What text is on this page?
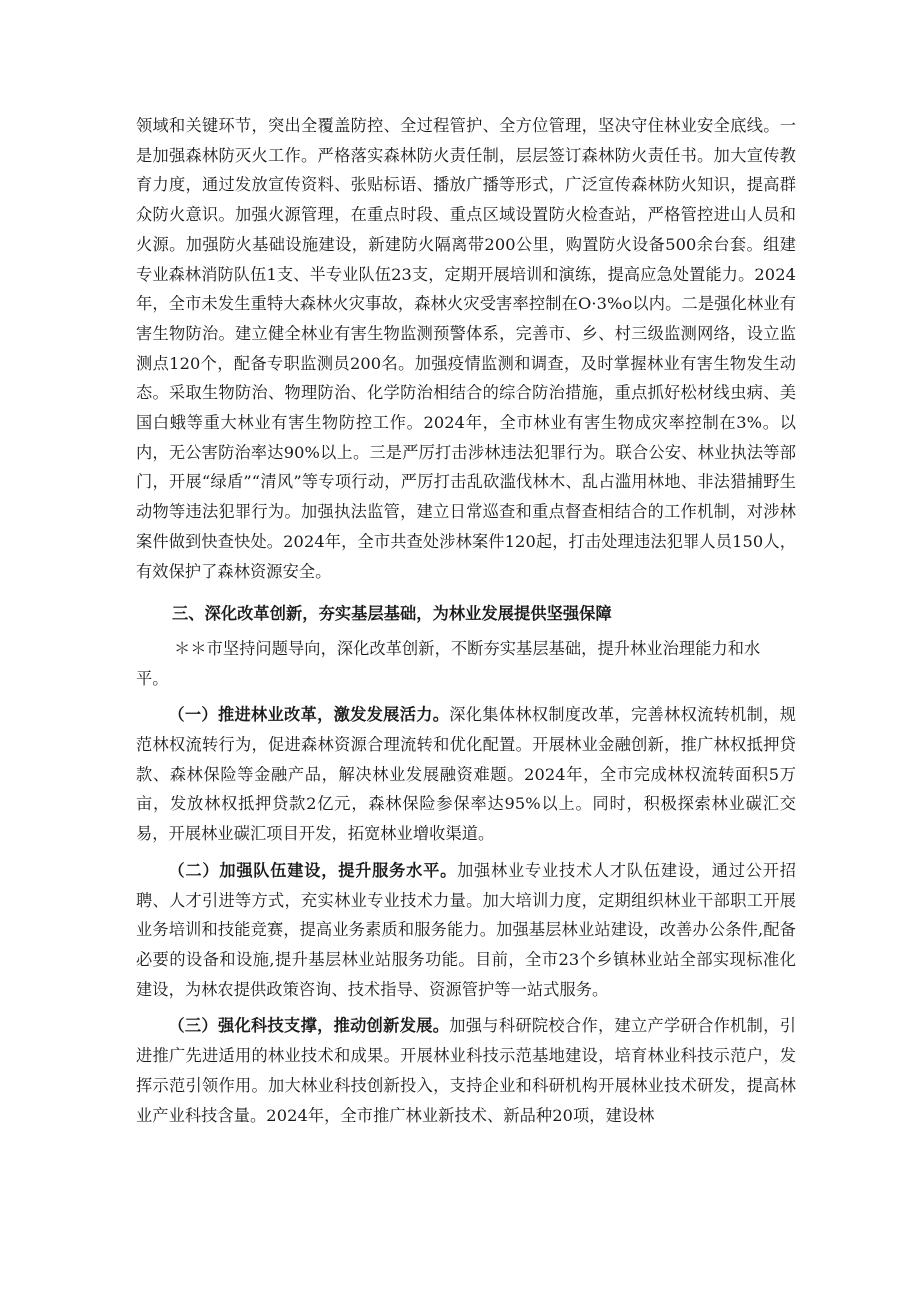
领域和关键环节，突出全覆盖防控、全过程管护、全方位管理，坚决守住林业安全底线。一是加强森林防灭火工作。严格落实森林防火责任制，层层签订森林防火责任书。加大宣传教育力度，通过发放宣传资料、张贴标语、播放广播等形式，广泛宣传森林防火知识，提高群众防火意识。加强火源管理，在重点时段、重点区域设置防火检查站，严格管控进山人员和火源。加强防火基础设施建设，新建防火隔离带200公里，购置防火设备500余台套。组建专业森林消防队伍1支、半专业队伍23支，定期开展培训和演练，提高应急处置能力。2024年，全市未发生重特大森林火灾事故，森林火灾受害率控制在O·3%o以内。二是强化林业有害生物防治。建立健全林业有害生物监测预警体系，完善市、乡、村三级监测网络，设立监测点120个，配备专职监测员200名。加强疫情监测和调查，及时掌握林业有害生物发生动态。采取生物防治、物理防治、化学防治相结合的综合防治措施，重点抓好松材线虫病、美国白蛾等重大林业有害生物防控工作。2024年，全市林业有害生物成灾率控制在3%。以内，无公害防治率达90%以上。三是严厉打击涉林违法犯罪行为。联合公安、林业执法等部门，开展“绿盾”“清风”等专项行动，严厉打击乱砍滥伐林木、乱占滥用林地、非法猎捕野生动物等违法犯罪行为。加强执法监管，建立日常巡查和重点督查相结合的工作机制，对涉林案件做到快查快处。2024年，全市共查处涉林案件120起，打击处理违法犯罪人员150人，有效保护了森林资源安全。

三、深化改革创新，夯实基层基础，为林业发展提供坚强保障

＊＊市坚持问题导向，深化改革创新，不断夯实基层基础，提升林业治理能力和水

平。

（一）推进林业改革，激发发展活力。深化集体林权制度改革，完善林权流转机制，规范林权流转行为，促进森林资源合理流转和优化配置。开展林业金融创新，推广林权抵押贷款、森林保险等金融产品，解决林业发展融资难题。2024年，全市完成林权流转面积5万亩，发放林权抵押贷款2亿元，森林保险参保率达95%以上。同时，积极探索林业碳汇交易，开展林业碳汇项目开发，拓宽林业增收渠道。

（二）加强队伍建设，提升服务水平。加强林业专业技术人才队伍建设，通过公开招聘、人才引进等方式，充实林业专业技术力量。加大培训力度，定期组织林业干部职工开展业务培训和技能竞赛，提高业务素质和服务能力。加强基层林业站建设，改善办公条件,配备必要的设备和设施,提升基层林业站服务功能。目前，全市23个乡镇林业站全部实现标准化建设，为林农提供政策咨询、技术指导、资源管护等一站式服务。

（三）强化科技支撑，推动创新发展。加强与科研院校合作，建立产学研合作机制，引进推广先进适用的林业技术和成果。开展林业科技示范基地建设，培育林业科技示范户，发挥示范引领作用。加大林业科技创新投入，支持企业和科研机构开展林业技术研发，提高林业产业科技含量。2024年，全市推广林业新技术、新品种20项，建设林
